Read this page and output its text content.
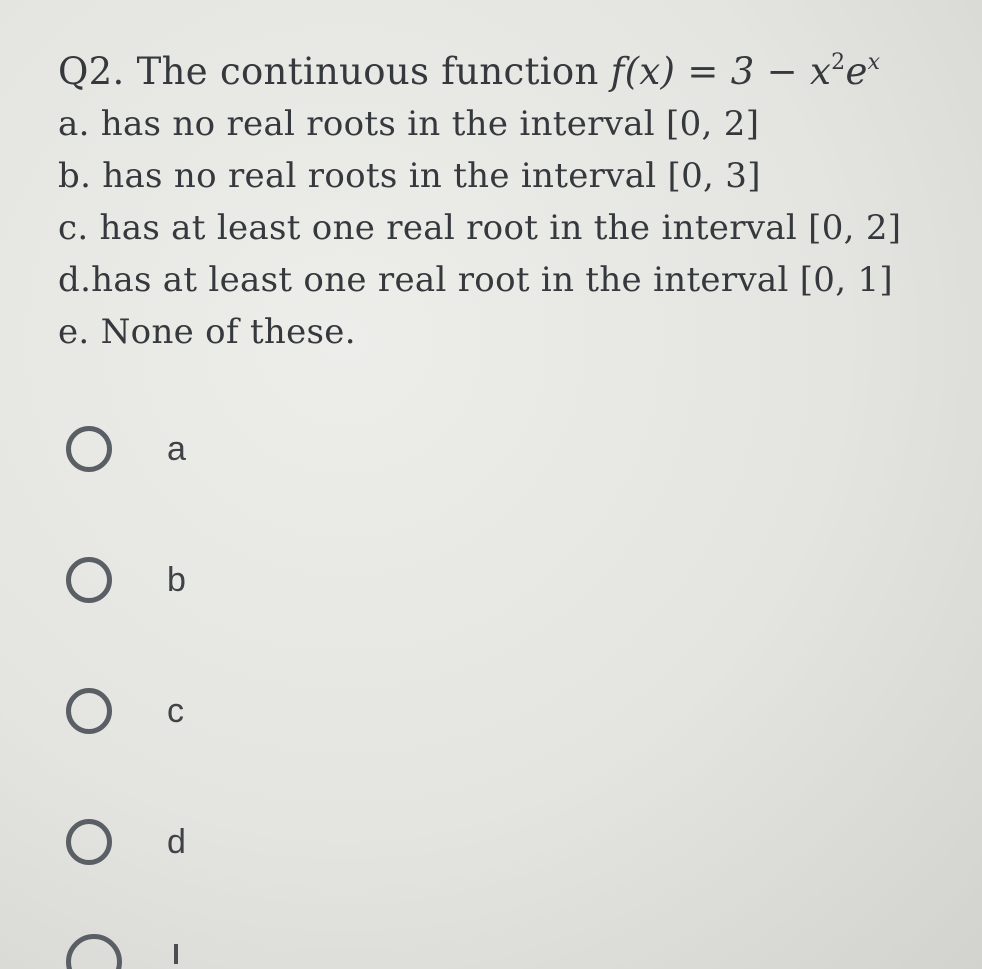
Q2. The continuous function $f(x) = 3 - x^2e^x$
a. has no real roots in the interval [0, 2]
b. has no real roots in the interval [0, 3]
c. has at least one real root in the interval [0, 2]
d.has at least one real root in the interval [0, 1]
e. None of these.
a
b
c
d
